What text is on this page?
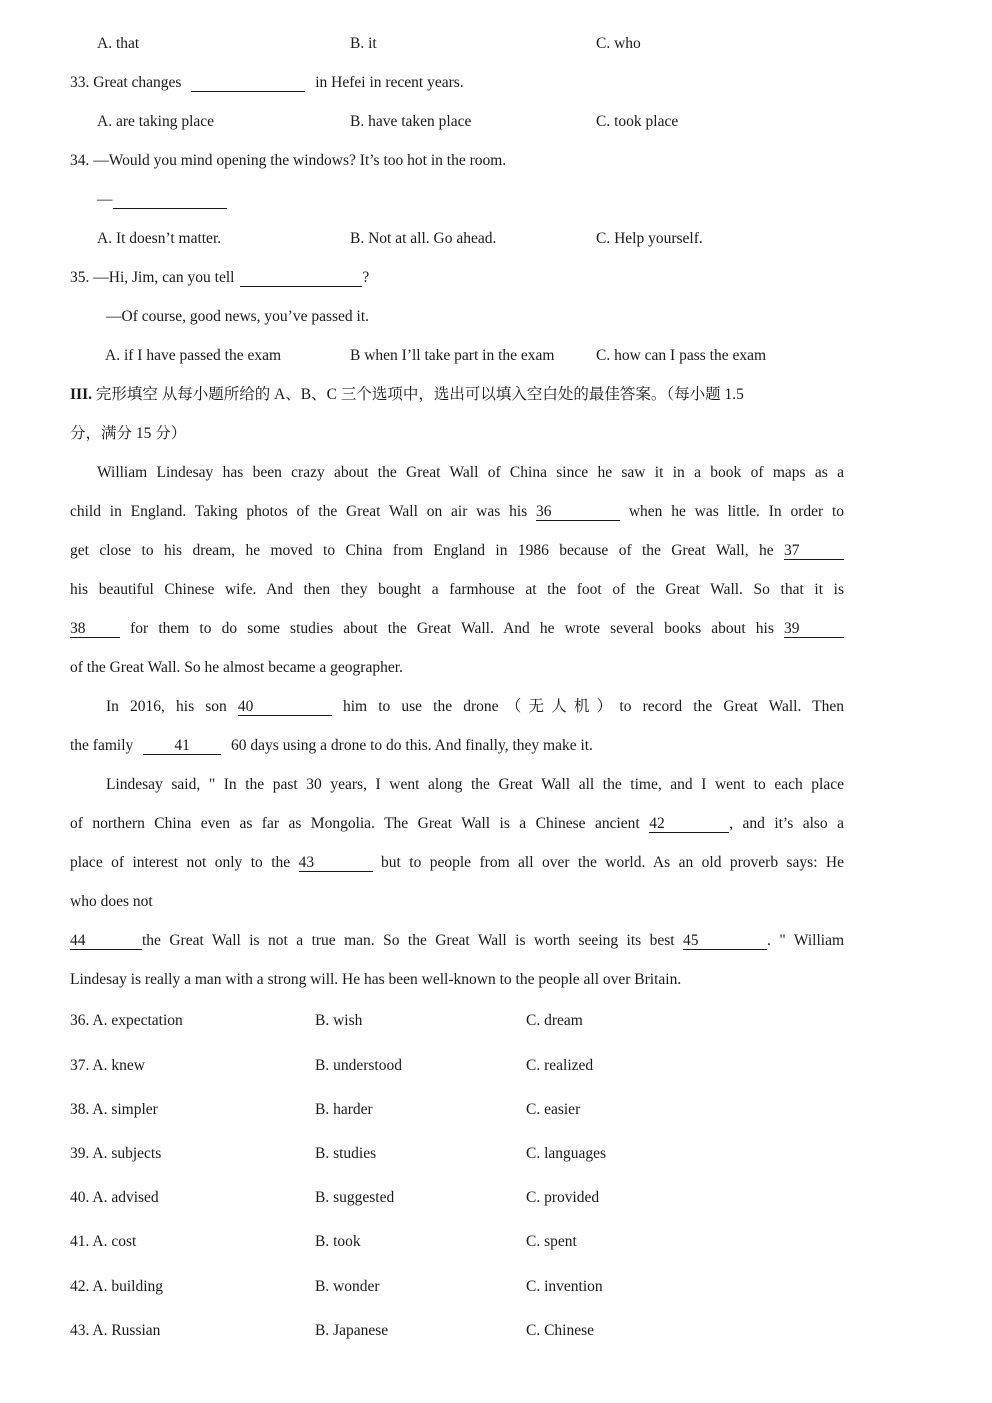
A. that	B. it	C. who
33. Great changes	in Hefei in recent years.
A. are taking place	B. have taken place	C. took place
34. —Would you mind opening the windows? It’s too hot in the room.
—
A. It doesn’t matter.	B. Not at all. Go ahead.	C. Help yourself.
35. —Hi, Jim, can you tell	?
—Of course, good news, you’ve passed it.
A. if I have passed the exam	B when I’ll take part in the exam	C. how can I pass the exam
III. 完形填空 从每小题所给的 A、B、C 三个选项中，选出可以填入空白处的最佳答案。（每小题 1.5
分，满分 15 分）
William Lindesay has been crazy about the Great Wall of China since he saw it in a book of maps as a
child in England. Taking photos of the Great Wall on air was his 36	when he was little. In order to
get close to his dream, he moved to China from England in 1986 because of the Great Wall, he 37
his beautiful Chinese wife. And then they bought a farmhouse at the foot of the Great Wall. So that it is
38	for them to do some studies about the Great Wall. And he wrote several books about his 39
of the Great Wall. So he almost became a geographer.
In 2016, his son 40	him to use the drone（无人机）to record the Great Wall. Then
the family	41	60 days using a drone to do this. And finally, they make it.
Lindesay said, " In the past 30 years, I went along the Great Wall all the time, and I went to each place
of northern China even as far as Mongolia. The Great Wall is a Chinese ancient 42	, and it’s also a
place of interest not only to the 43	but to people from all over the world. As an old proverb says: He
who does not
44	the Great Wall is not a true man. So the Great Wall is worth seeing its best 45	. " William
Lindesay is really a man with a strong will. He has been well-known to the people all over Britain.
36. A. expectation	B. wish	C. dream
37. A. knew	B. understood	C. realized
38. A. simpler	B. harder	C. easier
39. A. subjects	B. studies	C. languages
40. A. advised	B. suggested	C. provided
41. A. cost	B. took	C. spent
42. A. building	B. wonder	C. invention
43. A. Russian	B. Japanese	C. Chinese
